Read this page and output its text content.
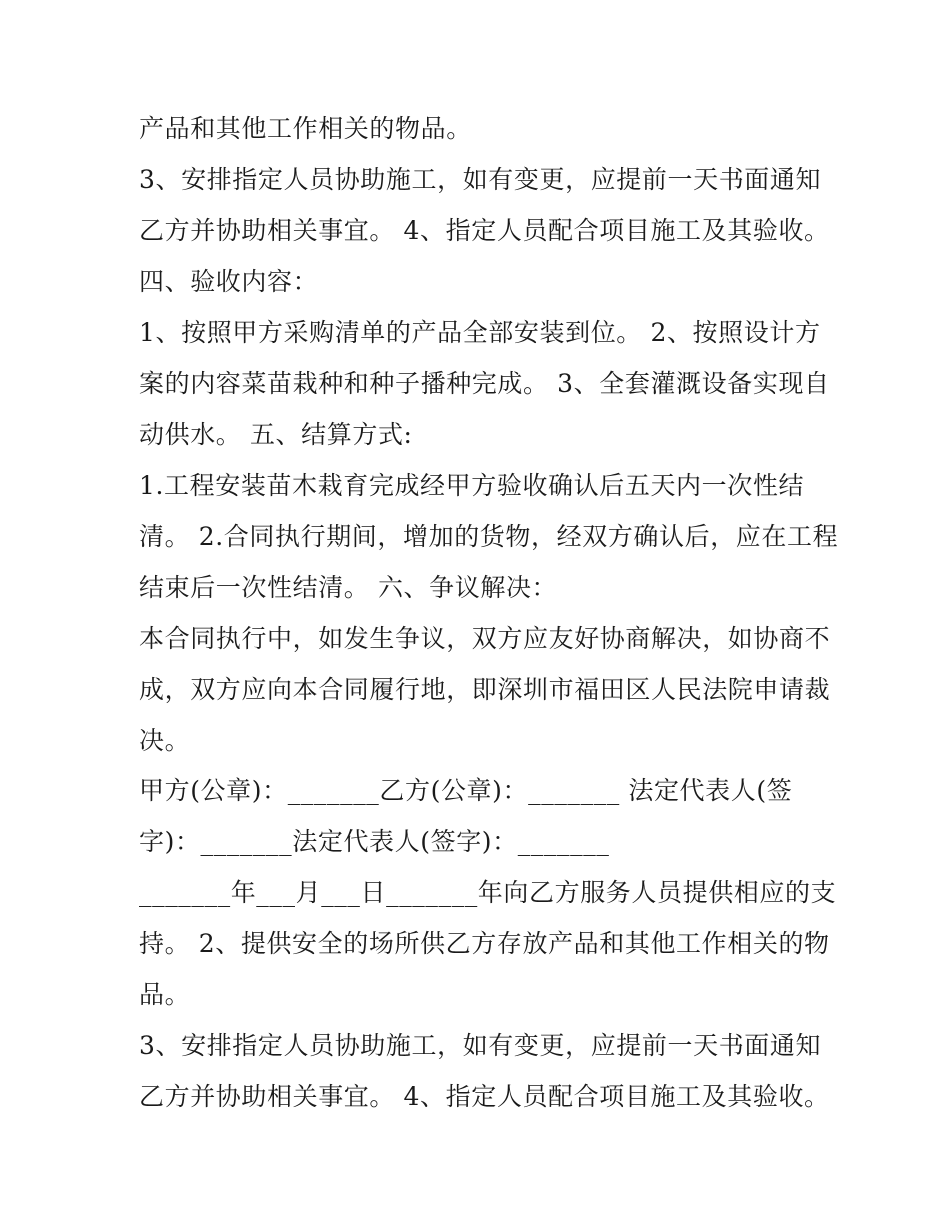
产品和其他工作相关的物品。
3、安排指定人员协助施工，如有变更，应提前一天书面通知
乙方并协助相关事宜。 4、指定人员配合项目施工及其验收。
四、验收内容：
1、按照甲方采购清单的产品全部安装到位。 2、按照设计方
案的内容菜苗栽种和种子播种完成。 3、全套灌溉设备实现自
动供水。 五、结算方式:
1.工程安装苗木栽育完成经甲方验收确认后五天内一次性结
清。 2.合同执行期间，增加的货物，经双方确认后，应在工程
结束后一次性结清。 六、争议解决：
本合同执行中，如发生争议，双方应友好协商解决，如协商不
成，双方应向本合同履行地，即深圳市福田区人民法院申请裁
决。
甲方(公章)：_______乙方(公章)：_______ 法定代表人(签
字)：_______法定代表人(签字)：_______
_______年___月___日_______年向乙方服务人员提供相应的支
持。 2、提供安全的场所供乙方存放产品和其他工作相关的物
品。
3、安排指定人员协助施工，如有变更，应提前一天书面通知
乙方并协助相关事宜。 4、指定人员配合项目施工及其验收。
